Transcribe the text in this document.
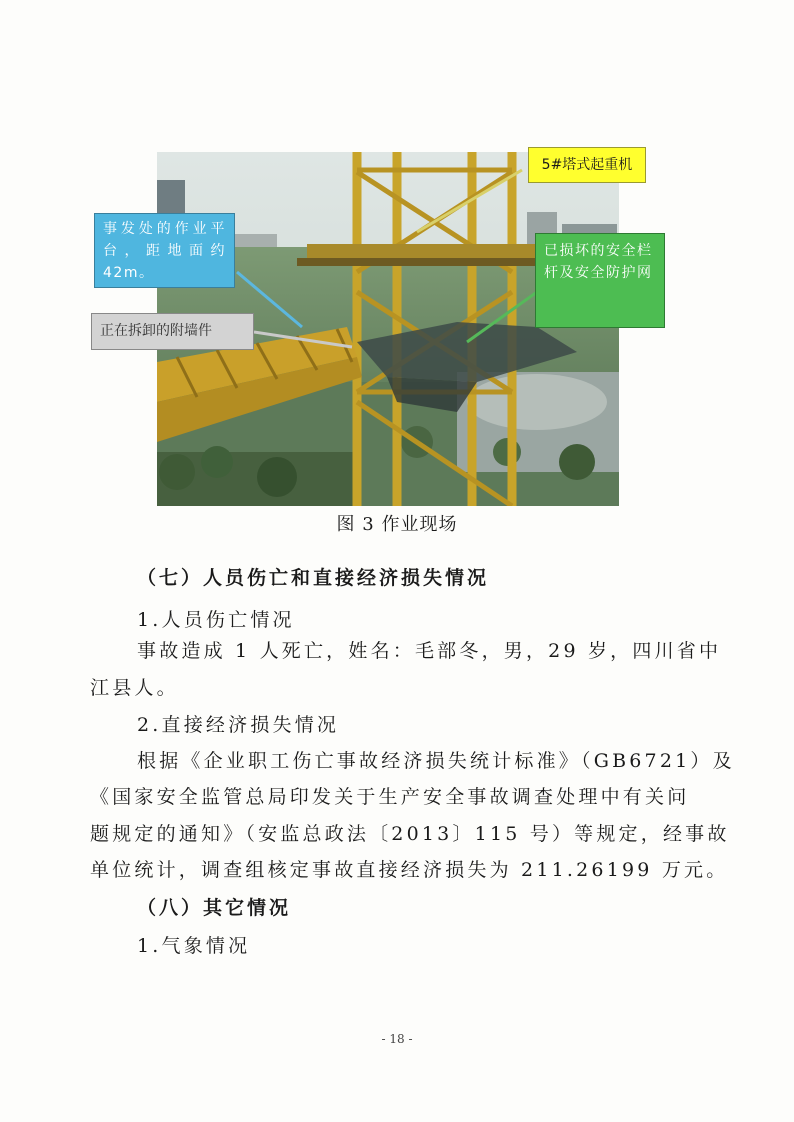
5#塔式起重机
事发处的作业平台，距地面约42m。
已损坏的安全栏杆及安全防护网
正在拆卸的附墙件
图 3 作业现场
（七）人员伤亡和直接经济损失情况
1.人员伤亡情况
事故造成 1 人死亡，姓名：毛部冬，男，29 岁，四川省中
江县人。
2.直接经济损失情况
根据《企业职工伤亡事故经济损失统计标准》（GB6721）及
《国家安全监管总局印发关于生产安全事故调查处理中有关问
题规定的通知》（安监总政法〔2013〕115 号）等规定，经事故
单位统计，调查组核定事故直接经济损失为 211.26199 万元。
（八）其它情况
1.气象情况
- 18 -
